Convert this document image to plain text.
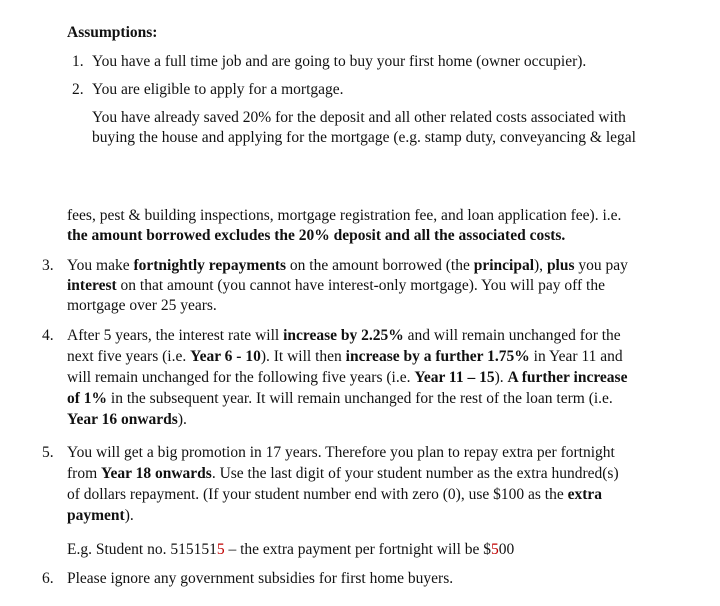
Assumptions:
1. You have a full time job and are going to buy your first home (owner occupier).
2. You are eligible to apply for a mortgage.
You have already saved 20% for the deposit and all other related costs associated with
buying the house and applying for the mortgage (e.g. stamp duty, conveyancing & legal
fees, pest & building inspections, mortgage registration fee, and loan application fee). i.e.
the amount borrowed excludes the 20% deposit and all the associated costs.
3. You make fortnightly repayments on the amount borrowed (the principal), plus you pay
interest on that amount (you cannot have interest-only mortgage). You will pay off the
mortgage over 25 years.
4. After 5 years, the interest rate will increase by 2.25% and will remain unchanged for the
next five years (i.e. Year 6 - 10). It will then increase by a further 1.75% in Year 11 and
will remain unchanged for the following five years (i.e. Year 11 – 15). A further increase
of 1% in the subsequent year. It will remain unchanged for the rest of the loan term (i.e.
Year 16 onwards).
5. You will get a big promotion in 17 years. Therefore you plan to repay extra per fortnight
from Year 18 onwards. Use the last digit of your student number as the extra hundred(s)
of dollars repayment. (If your student number end with zero (0), use $100 as the extra
payment).
E.g. Student no. 5151515 – the extra payment per fortnight will be $500
6. Please ignore any government subsidies for first home buyers.
